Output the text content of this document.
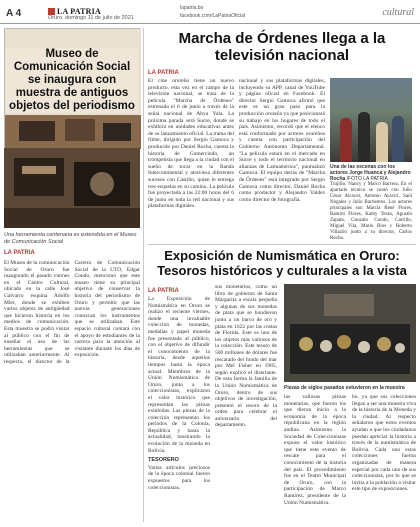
A 4	LA PATRIA
Oruro, domingo 11 de julio de 2021
lapatria.bo
facebook.com/LaPatriaOficial	cultural
Museo de Comunicación Social se inaugura con muestra de antiguos objetos del periodismo
Una herramienta centenaria es extendida en el Museo de Comunicación Social
LA PATRIA
El Museo de la comunicación Social de Oruro fue inaugurado el pasado viernes en el Centro Cultural, ubicado en la calle José Galvarro esquina Adolfo Mier, donde se exhiben varios objetos de antigüedad que hicieron historia en los medios de comunicación. Esta muestra se podrá visitar al público con el fin de enseñar el uso de las herramientas que se utilizaban anteriormente. Al respecto, el director de la Carrera de Comunicación Social de la UTO, Edgar Condo, mencionó que este museo tiene su principal objetivo de conservar la historia del periodismo de Oruro y permitir que las nuevas generaciones conozcan los instrumentos que se utilizaban. Este espacio cultural contará con el apoyo de estudiantes de la carrera para la atención al visitante durante los días de exposición.
Marcha de Órdenes llega a la televisión nacional
LA PATRIA
El cine orureño tiene un nuevo producto, esta vez en el campo de la televisión nacional, se trata de la película "Marcha de Órdenes" estrenada el 6 de junio a través de la señal nacional de Abya Yala. La próxima parada será Sucre, donde se exhibirá en unidades educativas antes de su lanzamiento oficial. La trama del filme, dirigido por Sergio Gamoca y producido por Daniel Rocha, cuenta la historia de Gumercindo, un trompetista que llega a la ciudad con el sueño de tocar en la Banda Intercontinental y atraviesa diferentes sucesos con Castillo, quien le entrega tres esquelas en su camino. La película fue proyectada a las 22:00 horas del 6 de junio en toda la red nacional y sus plataformas digitales.
nacional y sus plataformas digitales, incluyendo su APP, canal de YouTube y página oficial en Facebook. El director Sergio Gamoca afirmó que este es un gran paso para la producción orureña ya que posicionará su trabajo en los hogares de todo el país. Asimismo, recordó que el elenco está conformado por actores orureños y cuenta con participación del Gobierno Autónomo Departamental. "La película estará en el mercado en Sucre y todo el territorio nacional en alianzas de Latinamérica", puntualizó Gamoca. El equipo detrás de "Marcha de Órdenes" está integrado por Sergio Gamoca como director, Daniel Rocha como productor y Alejandro Valdez como director de fotografía.
Una de las escenas con los actores Jorge Huanca y Alejandro Rocha /FOTO LA PATRIA
Trujillo, Nancy y Marco Barrera. En el apartado técnico se contó con Julio César Alcocer, Antonio Ayaviri, Saúl Nogales y Julio Barrientos. Los actores principales son Marcia René Flores, Ramiro Flores, Kathy Teran, Agustín Zapata, Gonzalo Condo, Carrillo, Miguel Vila, Mario Ríos y Roberto Villazón junto a su director, Carlos Rocha.
Exposición de Numismática en Oruro: Tesoros históricos y culturales a la vista
LA PATRIA
La Exposición de Numismática en Oruro se realizó el reciente viernes, donde una invaluable colección de monedas, medallas y papel moneda fue presentada al público, con el objetivo de difundir el conocimiento de la historia, desde aquellos tiempos hasta la época actual. Miembros de la Unión Numismática de Oruro, junto a los coleccionistas, explicaron el valor histórico que representan las piezas exhibidas. Las piezas de la colección representan los periodos de la Colonia, República y hasta la actualidad, mostrando la evolución de la moneda en Bolivia.
TESORERO
Varias artículos preciosos de la época colonial fueron expuestos para los coleccionistas.
sus monetarios, como un libro de gobierno de Santa Margarita a escala pequeña y algunas de sus monedas de plata que se hundieron junto a un barco de oro y plata en 1622 por las costas de Florida. Este es uno de los objetos más valiosos de la colección. Este tesoro de 500 millones de dólares fue rescatado del fondo del mar por Mel Fisher en 1985, según explicó el disertante. De esta forma la familia de la Unión Numismática de Oruro, dentro de sus objetivos de investigación, presentó el tesoro de la orden para celebrar el aniversario del departamento.
Piezas de siglos pasados estuvieron en la muestra
las valiosas piezas monetarias, que fueron los que dieron inicio a la economía de la época republicana en la región andina. Asimismo la Sociedad de Coleccionistas expuso el valor histórico que tiene este evento de rescate para el conocimiento de la historia del país. El procedimiento fue en el Teatro Municipal de Oruro, con la participación de Marco Ramírez, presidente de la Unión Numismática.
bo, ya que sus colecciones llegan a ser una muestra viva de la historia de la Moneda y la ciudad. Al respecto señalaron que estos eventos ayudan a que los ciudadanos puedan apreciar la historia a través de la numismática de Bolivia. Cada una estas colecciones fueron organizadas de manera especial por cada uno de sus coleccionistas, por lo que se invita a la población a visitar este tipo de exposiciones.
